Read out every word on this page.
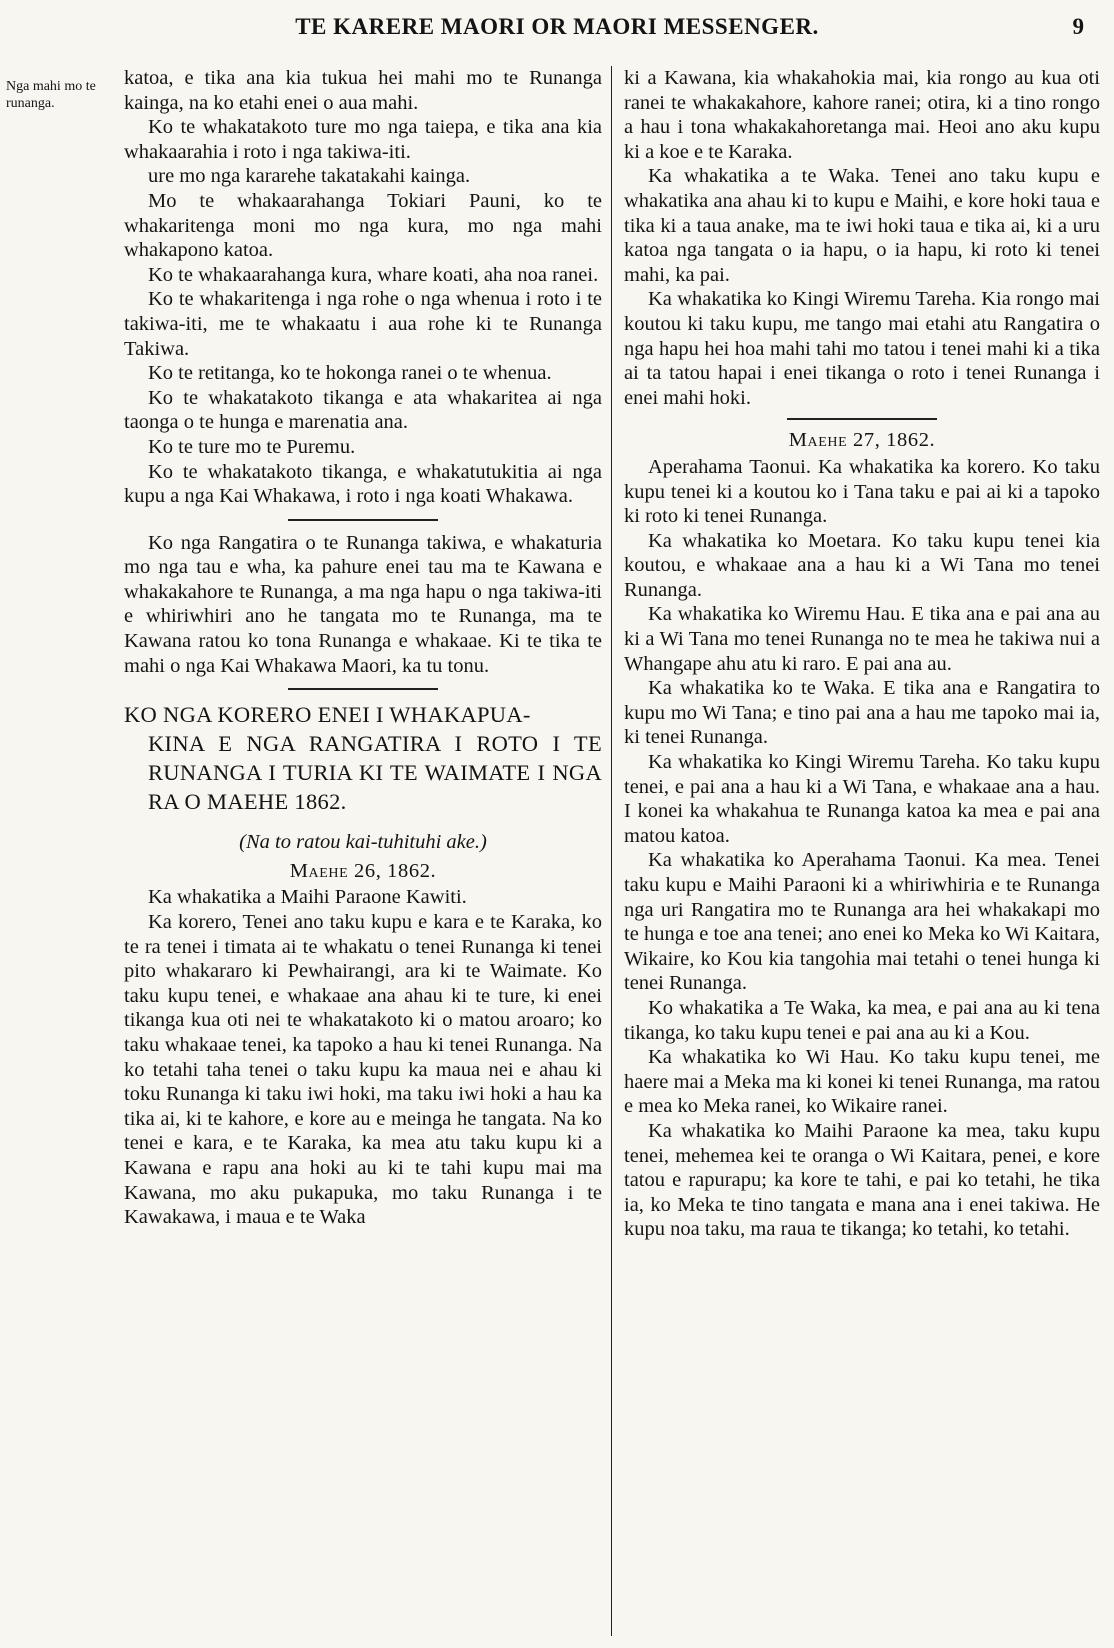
TE KARERE MAORI OR MAORI MESSENGER.	9
Nga mahi mo te runanga.

katoa, e tika ana kia tukua hei mahi mo te Runanga kainga, na ko etahi enei o aua mahi.

Ko te whakatakoto ture mo nga taiepa, e tika ana kia whakaarahia i roto i nga takiwa-iti.

ure mo nga kararehe takatakahi kainga.

Mo te whakaarahanga Tokiari Pauni, ko te whakaritenga moni mo nga kura, mo nga mahi whakapono katoa.

Ko te whakaarahanga kura, whare koati, aha noa ranei.

Ko te whakaritenga i nga rohe o nga whenua i roto i te takiwa-iti, me te whakaatu i aua rohe ki te Runanga Takiwa.

Ko te retitanga, ko te hokonga ranei o te whenua.

Ko te whakatakoto tikanga e ata whakaritea ai nga taonga o te hunga e marenatia ana.

Ko te ture mo te Puremu.

Ko te whakatakoto tikanga, e whakatutukitia ai nga kupu a nga Kai Whakawa, i roto i nga koati Whakawa.

Ko nga Rangatira o te Runanga takiwa, e whakaturia mo nga tau e wha, ka pahure enei tau ma te Kawana e whakakahore te Runanga, a ma nga hapu o nga takiwa-iti e whiriwhiri ano he tangata mo te Runanga, ma te Kawana ratou ko tona Runanga e whakaae. Ki te tika te mahi o nga Kai Whakawa Maori, ka tu tonu.

KO NGA KORERO ENEI I WHAKAPUA-
KINA E NGA RANGATIRA I ROTO I TE RUNANGA I TURIA KI TE WAIMATE I NGA RA O MAEHE 1862.
(Na to ratou kai-tuhituhi ake.)
Maehe 26, 1862.

Ka whakatika a Maihi Paraone Kawiti.

Ka korero, Tenei ano taku kupu e kara e te Karaka, ko te ra tenei i timata ai te whakatu o tenei Runanga ki tenei pito whakararo ki Pewhairangi, ara ki te Waimate. Ko taku kupu tenei, e whakaae ana ahau ki te ture, ki enei tikanga kua oti nei te whakatakoto ki o matou aroaro; ko taku whakaae tenei, ka tapoko a hau ki tenei Runanga. Na ko tetahi taha tenei o taku kupu ka maua nei e ahau ki toku Runanga ki taku iwi hoki, ma taku iwi hoki a hau ka tika ai, ki te kahore, e kore au e meinga he tangata. Na ko tenei e kara, e te Karaka, ka mea atu taku kupu ki a Kawana e rapu ana hoki au ki te tahi kupu mai ma Kawana, mo aku pukapuka, mo taku Runanga i te Kawakawa, i maua e te Waka

ki a Kawana, kia whakahokia mai, kia rongo au kua oti ranei te whakakahore, kahore ranei; otira, ki a tino rongo a hau i tona whakakahoretanga mai. Heoi ano aku kupu ki a koe e te Karaka.

Ka whakatika a te Waka. Tenei ano taku kupu e whakatika ana ahau ki to kupu e Maihi, e kore hoki taua e tika ki a taua anake, ma te iwi hoki taua e tika ai, ki a uru katoa nga tangata o ia hapu, o ia hapu, ki roto ki tenei mahi, ka pai.

Ka whakatika ko Kingi Wiremu Tareha. Kia rongo mai koutou ki taku kupu, me tango mai etahi atu Rangatira o nga hapu hei hoa mahi tahi mo tatou i tenei mahi ki a tika ai ta tatou hapai i enei tikanga o roto i tenei Runanga i enei mahi hoki.

Maehe 27, 1862.

Aperahama Taonui. Ka whakatika ka korero. Ko taku kupu tenei ki a koutou ko i Tana taku e pai ai ki a tapoko ki roto ki tenei Runanga.

Ka whakatika ko Moetara. Ko taku kupu tenei kia koutou, e whakaae ana a hau ki a Wi Tana mo tenei Runanga.

Ka whakatika ko Wiremu Hau. E tika ana e pai ana au ki a Wi Tana mo tenei Runanga no te mea he takiwa nui a Whangape ahu atu ki raro. E pai ana au.

Ka whakatika ko te Waka. E tika ana e Rangatira to kupu mo Wi Tana; e tino pai ana a hau me tapoko mai ia, ki tenei Runanga.

Ka whakatika ko Kingi Wiremu Tareha. Ko taku kupu tenei, e pai ana a hau ki a Wi Tana, e whakaae ana a hau. I konei ka whakahua te Runanga katoa ka mea e pai ana matou katoa.

Ka whakatika ko Aperahama Taonui. Ka mea. Tenei taku kupu e Maihi Paraoni ki a whiriwhiria e te Runanga nga uri Rangatira mo te Runanga ara hei whakakapi mo te hunga e toe ana tenei; ano enei ko Meka ko Wi Kaitara, Wikaire, ko Kou kia tangohia mai tetahi o tenei hunga ki tenei Runanga.

Ko whakatika a Te Waka, ka mea, e pai ana au ki tena tikanga, ko taku kupu tenei e pai ana au ki a Kou.

Ka whakatika ko Wi Hau. Ko taku kupu tenei, me haere mai a Meka ma ki konei ki tenei Runanga, ma ratou e mea ko Meka ranei, ko Wikaire ranei.

Ka whakatika ko Maihi Paraone ka mea, taku kupu tenei, mehemea kei te oranga o Wi Kaitara, penei, e kore tatou e rapurapu; ka kore te tahi, e pai ko tetahi, he tika ia, ko Meka te tino tangata e mana ana i enei takiwa. He kupu noa taku, ma raua te tikanga; ko tetahi, ko tetahi.
